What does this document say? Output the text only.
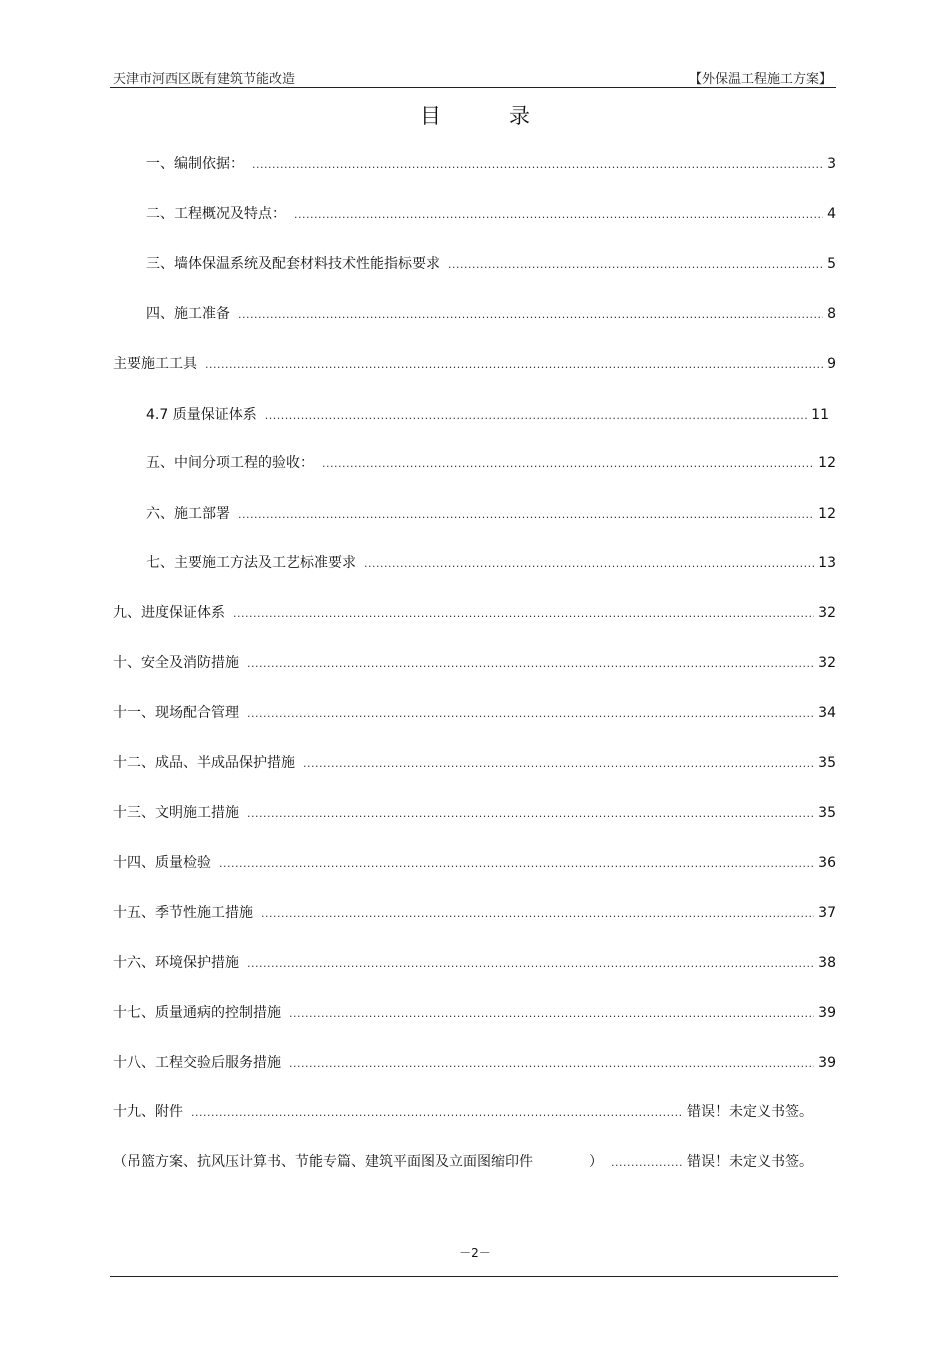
天津市河西区既有建筑节能改造	【外保温工程施工方案】
目	录
一、编制依据： .....	3
二、工程概况及特点： .....	4
三、墙体保温系统及配套材料技术性能指标要求 .....	5
四、施工准备 .....	8
主要施工工具 .....	9
4.7 质量保证体系 .....	11
五、中间分项工程的验收： .....	12
六、施工部署 .....	12
七、主要施工方法及工艺标准要求 .....	13
九、进度保证体系 .....	32
十、安全及消防措施 .....	32
十一、现场配合管理 .....	34
十二、成品、半成品保护措施 .....	35
十三、文明施工措施 .....	35
十四、质量检验 .....	36
十五、季节性施工措施 .....	37
十六、环境保护措施 .....	38
十七、质量通病的控制措施 .....	39
十八、工程交验后服务措施 .....	39
十九、附件 .....	错误！未定义书签。
（吊篮方案、抗风压计算书、节能专篇、建筑平面图及立面图缩印件　　　　） .....	错误！未定义书签。
－2－
